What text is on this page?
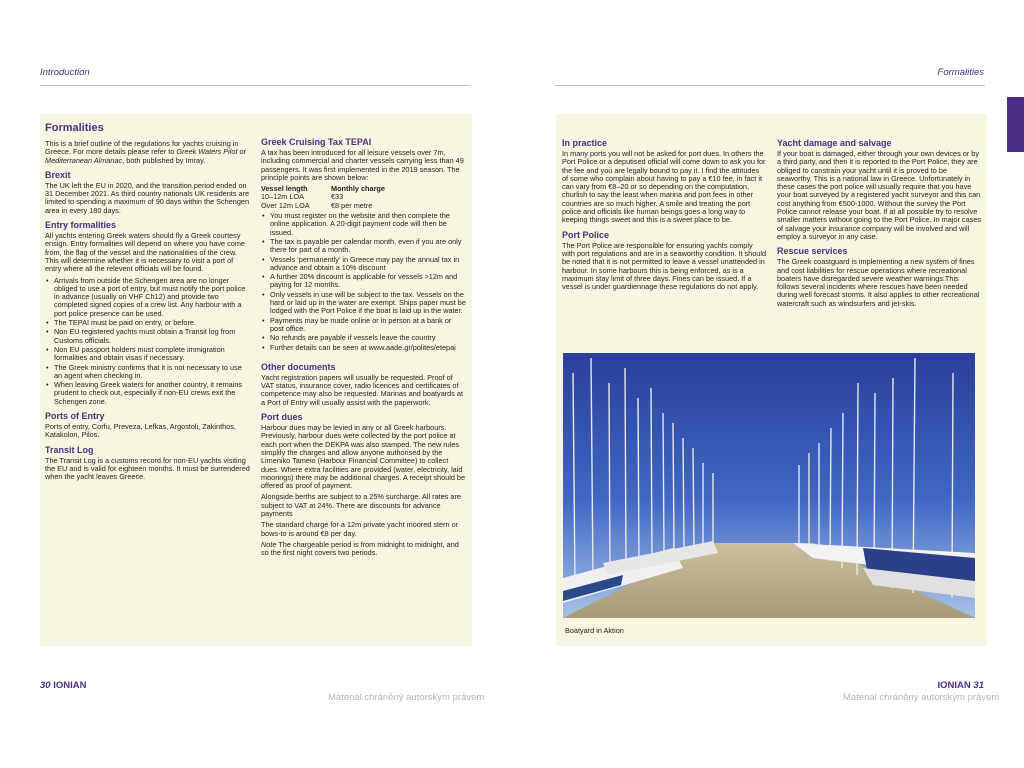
Introduction	Formalities
Formalities

This is a brief outline of the regulations for yachts cruising in Greece. For more details please refer to Greek Waters Pilot or Mediterranean Almanac, both published by Imray.

Brexit

The UK left the EU in 2020, and the transition period ended on 31 December 2021. As third country nationals UK residents are limited to spending a maximum of 90 days within the Schengen area in every 180 days.

Entry formalities

All yachts entering Greek waters should fly a Greek courtesy ensign. Entry formalities will depend on where you have come from, the flag of the vessel and the nationalities of the crew. This will determine whether it is necessary to visit a port of entry where all the relevent officials will be found.

• Arrivals from outside the Schengen area are no longer obliged to use a port of entry, but must notify the port police in advance (usually on VHF Ch12) and provide two completed signed copies of a crew list. Any harbour with a port police presence can be used.
• The TEPAI must be paid on entry, or before.
• Non EU registered yachts must obtain a Transit log from Customs officials.
• Non EU passport holders must complete immigration formalities and obtain visas if necessary.
• The Greek ministry confirms that it is not necessary to use an agent when checking in.
• When leaving Greek waters for another country, it remains prudent to check out, especially if non-EU crews exit the Schengen zone.
Ports of Entry

Ports of entry, Corfu, Preveza, Lefkas, Argostoli, Zakinthos, Katakolon, Pilos.

Transit Log

The Transit Log is a customs record for non-EU yachts visiting the EU and is valid for eighteen months. It must be surrendered when the yacht leaves Greece.

Greek Cruising Tax TEPAI

A tax has been introduced for all leisure vessels over 7m, including commercial and charter vessels carrying less than 49 passengers. It was first implemented in the 2019 season. The principle points are shown below:

Vessel length	Monthly charge
10–12m LOA	€33
Over 12m LOA	€8 per metre
• You must register on the website and then complete the online application. A 20-digit payment code will then be issued.
• The tax is payable per calendar month, even if you are only there for part of a month.
• Vessels ‘permanently’ in Greece may pay the annual tax in advance and obtain a 10% discount
• A further 20% discount is applicable for vessels >12m and paying for 12 months.
• Only vessels in use will be subject to the tax. Vessels on the hard or laid up in the water are exempt. Ships paper must be lodged with the Port Police if the boat is laid up in the water.
• Payments may be made online or in person at a bank or post office.
• No refunds are payable if vessels leave the country
• Further details can be seen at www.aade.gr/polites/etepai
Other documents

Yacht registration papers will usually be requested. Proof of VAT status, insurance cover, radio licences and certificates of competence may also be requested. Marinas and boatyards at a Port of Entry will usually assist with the paperwork.

Port dues

Harbour dues may be levied in any or all Greek harbours. Previously, harbour dues were collected by the port police at each port when the DEKPA was also stamped. The new rules simplify the charges and allow anyone authorised by the Limeniko Tameio (Harbour Financial Committee) to collect dues. Where extra facilities are provided (water, electricity, laid moorings) there may be additional charges. A receipt should be offered as proof of payment.

Alongside berths are subject to a 25% surcharge. All rates are subject to VAT at 24%. There are discounts for advance payments

The standard charge for a 12m private yacht moored stern or bows-to is around €8 per day.

Note The chargeable period is from midnight to midnight, and so the first night covers two periods.

In practice

In many ports you will not be asked for port dues. In others the Port Police or a deputised official will come down to ask you for the fee and you are legally bound to pay it. I find the attitudes of some who complain about having to pay a €10 fee, in fact it can vary from €8–20 or so depending on the computation, churlish to say the least when marina and port fees in other countries are so much higher. A smile and treating the port police and officials like human beings goes a long way to keeping things sweet and this is a sweet place to be.

Port Police

The Port Police are responsible for ensuring yachts comply with port regulations and are in a seaworthy condition. It should be noted that it is not permitted to leave a vessel unattended in harbour. In some harbours this is being enforced, as is a maximum stay limit of three days. Fines can be issued. If a vessel is under guardiennage these regulations do not apply.

Yacht damage and salvage

If your boat is damaged, either through your own devices or by a third party, and then it is reported to the Port Police, they are obliged to constrain your yacht until it is proved to be seaworthy. This is a national law in Greece. Unfortunately in these cases the port police will usually require that you have your boat surveyed by a registered yacht surveyor and this can cost anything from €500-1000. Without the survey the Port Police cannot release your boat. If at all possible try to resolve smaller matters without going to the Port Police. In major cases of salvage your insurance company will be involved and will employ a surveyor in any case.

Rescue services

The Greek coastguard is implementing a new system of fines and cost liabilities for rescue operations where recreational boaters have disregarded severe weather warnings.This follows several incidents where rescues have been needed during well forecast storms. It also applies to other recreational watercraft such as windsurfers and jet-skis.

Boatyard in Aktion
30 IONIAN	IONIAN 31
Materiál chráněný autorským právem	Materiál chráněný autorským právem
